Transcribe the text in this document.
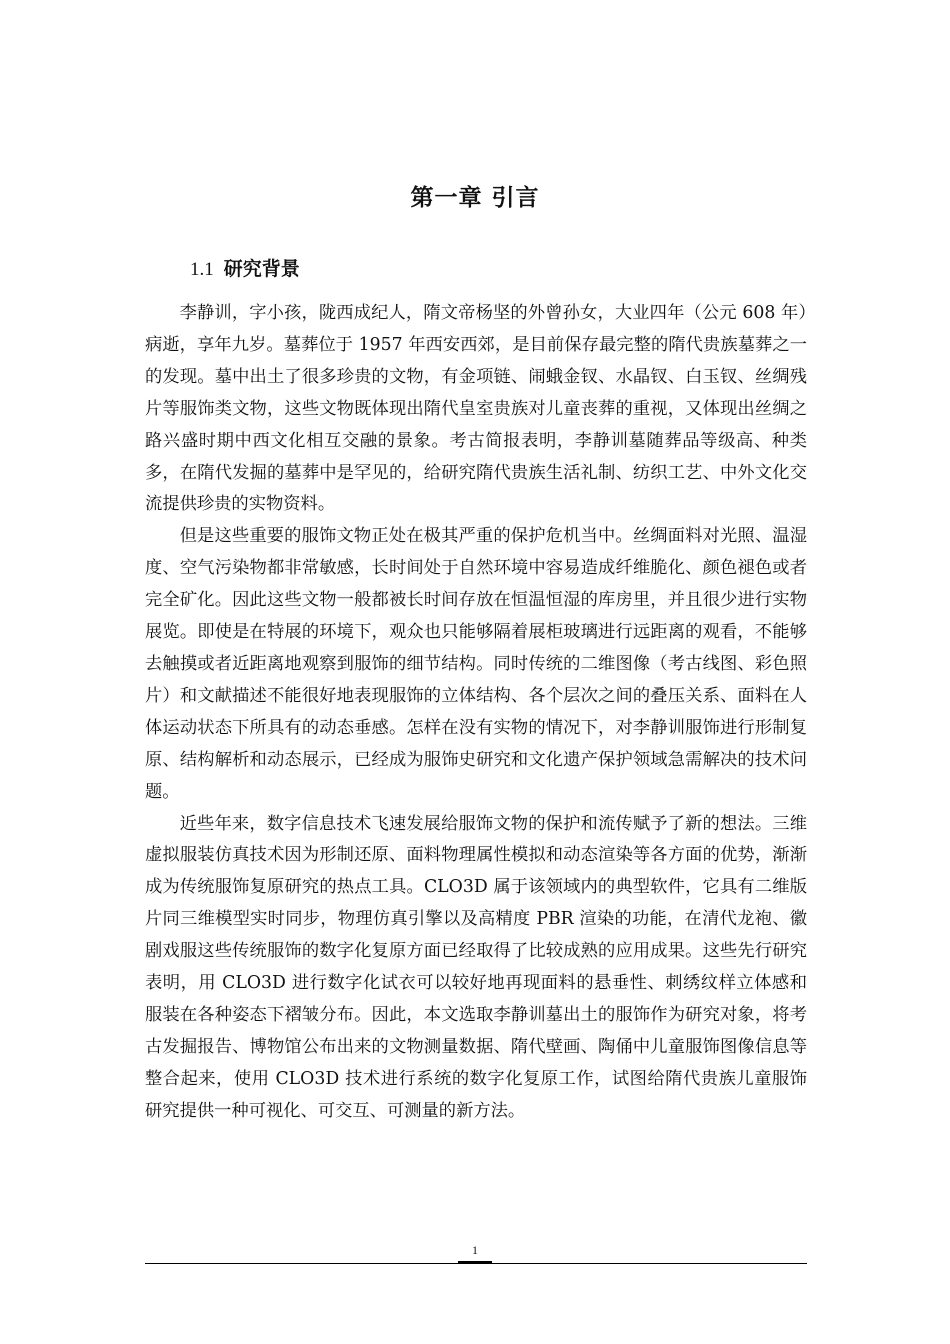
第一章 引言
1.1 研究背景

李静训，字小孩，陇西成纪人，隋文帝杨坚的外曾孙女，大业四年（公元 608 年）病逝，享年九岁。墓葬位于 1957 年西安西郊，是目前保存最完整的隋代贵族墓葬之一的发现。墓中出土了很多珍贵的文物，有金项链、闹蛾金钗、水晶钗、白玉钗、丝绸残片等服饰类文物，这些文物既体现出隋代皇室贵族对儿童丧葬的重视，又体现出丝绸之路兴盛时期中西文化相互交融的景象。考古简报表明，李静训墓随葬品等级高、种类多，在隋代发掘的墓葬中是罕见的，给研究隋代贵族生活礼制、纺织工艺、中外文化交流提供珍贵的实物资料。

但是这些重要的服饰文物正处在极其严重的保护危机当中。丝绸面料对光照、温湿度、空气污染物都非常敏感，长时间处于自然环境中容易造成纤维脆化、颜色褪色或者完全矿化。因此这些文物一般都被长时间存放在恒温恒湿的库房里，并且很少进行实物展览。即使是在特展的环境下，观众也只能够隔着展柜玻璃进行远距离的观看，不能够去触摸或者近距离地观察到服饰的细节结构。同时传统的二维图像（考古线图、彩色照片）和文献描述不能很好地表现服饰的立体结构、各个层次之间的叠压关系、面料在人体运动状态下所具有的动态垂感。怎样在没有实物的情况下，对李静训服饰进行形制复原、结构解析和动态展示，已经成为服饰史研究和文化遗产保护领域急需解决的技术问题。

近些年来，数字信息技术飞速发展给服饰文物的保护和流传赋予了新的想法。三维虚拟服装仿真技术因为形制还原、面料物理属性模拟和动态渲染等各方面的优势，渐渐成为传统服饰复原研究的热点工具。CLO3D 属于该领域内的典型软件，它具有二维版片同三维模型实时同步，物理仿真引擎以及高精度 PBR 渲染的功能，在清代龙袍、徽剧戏服这些传统服饰的数字化复原方面已经取得了比较成熟的应用成果。这些先行研究表明，用 CLO3D 进行数字化试衣可以较好地再现面料的悬垂性、刺绣纹样立体感和服装在各种姿态下褶皱分布。因此，本文选取李静训墓出土的服饰作为研究对象，将考古发掘报告、博物馆公布出来的文物测量数据、隋代壁画、陶俑中儿童服饰图像信息等整合起来，使用 CLO3D 技术进行系统的数字化复原工作，试图给隋代贵族儿童服饰研究提供一种可视化、可交互、可测量的新方法。

1
